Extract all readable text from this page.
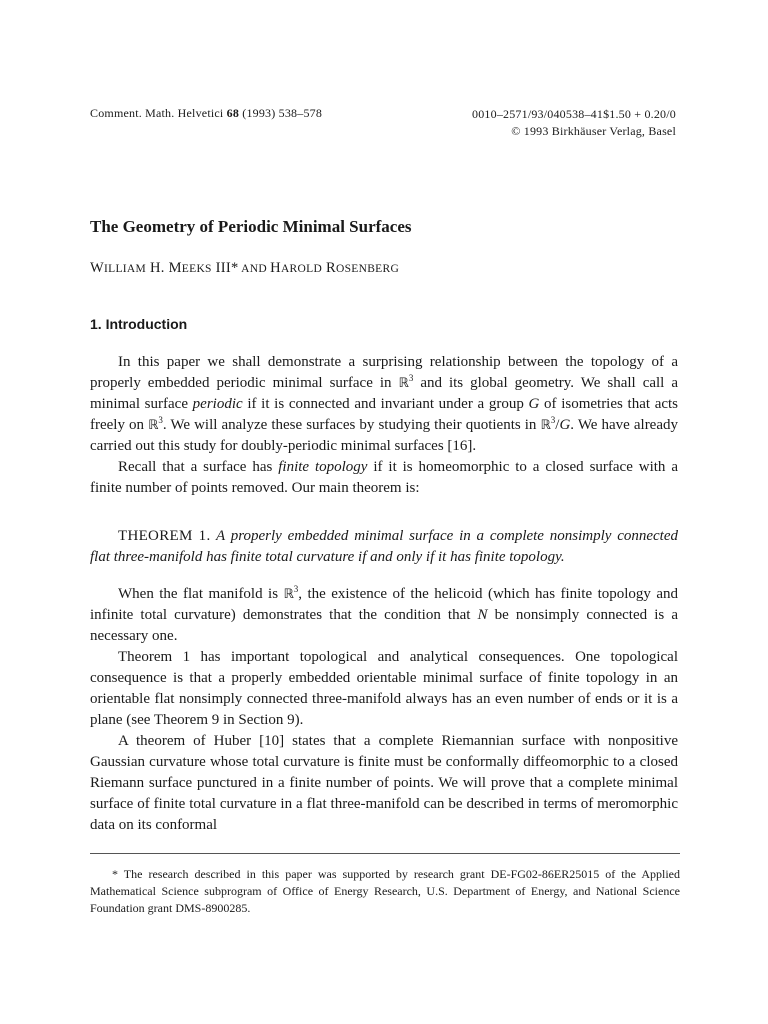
Comment. Math. Helvetici 68 (1993) 538–578	0010–2571/93/040538–41$1.50 + 0.20/0
© 1993 Birkhäuser Verlag, Basel
The Geometry of Periodic Minimal Surfaces
WILLIAM H. MEEKS III* AND HAROLD ROSENBERG
1. Introduction

In this paper we shall demonstrate a surprising relationship between the topology of a properly embedded periodic minimal surface in ℝ$^3$ and its global geometry. We shall call a minimal surface periodic if it is connected and invariant under a group G of isometries that acts freely on ℝ$^3$. We will analyze these surfaces by studying their quotients in ℝ$^3$/G. We have already carried out this study for doubly-periodic minimal surfaces [16].

Recall that a surface has finite topology if it is homeomorphic to a closed surface with a finite number of points removed. Our main theorem is:

THEOREM 1. A properly embedded minimal surface in a complete nonsimply connected flat three-manifold has finite total curvature if and only if it has finite topology.

When the flat manifold is ℝ$^3$, the existence of the helicoid (which has finite topology and infinite total curvature) demonstrates that the condition that N be nonsimply connected is a necessary one.

Theorem 1 has important topological and analytical consequences. One topological consequence is that a properly embedded orientable minimal surface of finite topology in an orientable flat nonsimply connected three-manifold always has an even number of ends or it is a plane (see Theorem 9 in Section 9).

A theorem of Huber [10] states that a complete Riemannian surface with nonpositive Gaussian curvature whose total curvature is finite must be conformally diffeomorphic to a closed Riemann surface punctured in a finite number of points. We will prove that a complete minimal surface of finite total curvature in a flat three-manifold can be described in terms of meromorphic data on its conformal

* The research described in this paper was supported by research grant DE-FG02-86ER25015 of the Applied Mathematical Science subprogram of Office of Energy Research, U.S. Department of Energy, and National Science Foundation grant DMS-8900285.
